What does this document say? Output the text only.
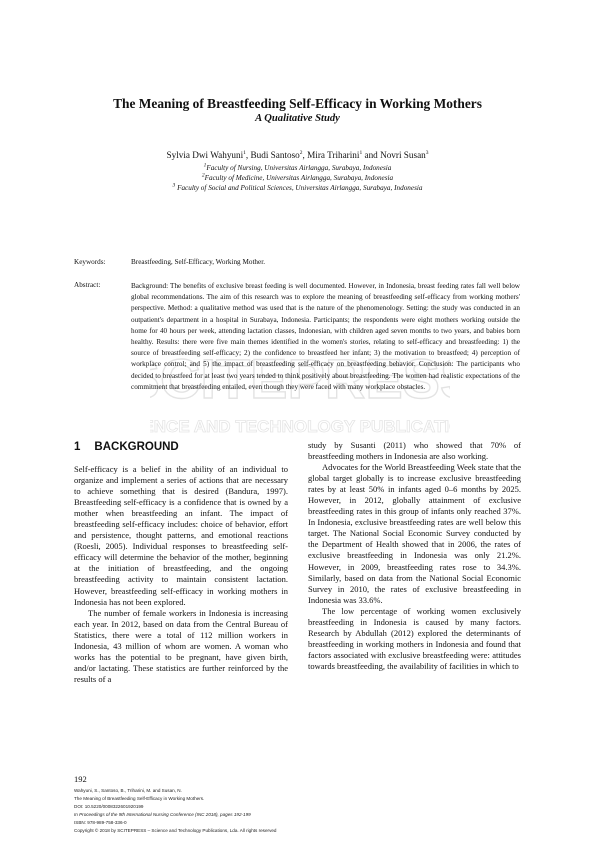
The Meaning of Breastfeeding Self-Efficacy in Working Mothers
A Qualitative Study
Sylvia Dwi Wahyuni$^1$, Budi Santoso$^2$, Mira Triharini$^1$ and Novri Susan$^3$
$^1$Faculty of Nursing, Universitas Airlangga, Surabaya, Indonesia
$^2$Faculty of Medicine, Universitas Airlangga, Surabaya, Indonesia
$^3$ Faculty of Social and Political Sciences, Universitas Airlangga, Surabaya, Indonesia
Keywords:	Breastfeeding, Self-Efficacy, Working Mother.
Abstract:	Background: The benefits of exclusive breast feeding is well documented. However, in Indonesia, breast feeding rates fall well below global recommendations. The aim of this research was to explore the meaning of breastfeeding self-efficacy from working mothers' perspective. Method: a qualitative method was used that is the nature of the phenomenology. Setting: the study was conducted in an outpatient's department in a hospital in Surabaya, Indonesia. Participants; the respondents were eight mothers working outside the home for 40 hours per week, attending lactation classes, Indonesian, with children aged seven months to two years, and babies born healthy. Results: there were five main themes identified in the women's stories, relating to self-efficacy and breastfeeding: 1) the source of breastfeeding self-efficacy; 2) the confidence to breastfeed her infant; 3) the motivation to breastfeed; 4) perception of workplace control; and 5) the impact of breastfeeding self-efficacy on breastfeeding behavior. Conclusion: The participants who decided to breastfeed for at least two years tended to think positively about breastfeeding. The women had realistic expectations of the commitment that breastfeeding entailed, even though they were faced with many workplace obstacles.
CITEPRES
NCE AND TECHNOLOGY PUBLICATI
1 BACKGROUND

Self-efficacy is a belief in the ability of an individual to organize and implement a series of actions that are necessary to achieve something that is desired (Bandura, 1997). Breastfeeding self-efficacy is a confidence that is owned by a mother when breastfeeding an infant. The impact of breastfeeding self-efficacy includes: choice of behavior, effort and persistence, thought patterns, and emotional reactions (Roesli, 2005). Individual responses to breastfeeding self-efficacy will determine the behavior of the mother, beginning at the initiation of breastfeeding, and the ongoing breastfeeding activity to maintain consistent lactation. However, breastfeeding self-efficacy in working mothers in Indonesia has not been explored.

The number of female workers in Indonesia is increasing each year. In 2012, based on data from the Central Bureau of Statistics, there were a total of 112 million workers in Indonesia, 43 million of whom are women. A woman who works has the potential to be pregnant, have given birth, and/or lactating. These statistics are further reinforced by the results of a

study by Susanti (2011) who showed that 70% of breastfeeding mothers in Indonesia are also working.

Advocates for the World Breastfeeding Week state that the global target globally is to increase exclusive breastfeeding rates by at least 50% in infants aged 0–6 months by 2025. However, in 2012, globally attainment of exclusive breastfeeding rates in this group of infants only reached 37%. In Indonesia, exclusive breastfeeding rates are well below this target. The National Social Economic Survey conducted by the Department of Health showed that in 2006, the rates of exclusive breastfeeding in Indonesia was only 21.2%. However, in 2009, breastfeeding rates rose to 34.3%. Similarly, based on data from the National Social Economic Survey in 2010, the rates of exclusive breastfeeding in Indonesia was 33.6%.

The low percentage of working women exclusively breastfeeding in Indonesia is caused by many factors. Research by Abdullah (2012) explored the determinants of breastfeeding in working mothers in Indonesia and found that factors associated with exclusive breastfeeding were: attitudes towards breastfeeding, the availability of facilities in which to

192
Wahyuni, S., Santoso, B., Triharini, M. and Susan, N.
The Meaning of Breastfeeding Self-Efficacy in Working Mothers.
DOI: 10.5220/0008322601920199
In Proceedings of the 9th International Nursing Conference (INC 2018), pages 192-199
ISBN: 978-989-758-336-0
Copyright © 2018 by SCITEPRESS – Science and Technology Publications, Lda. All rights reserved
